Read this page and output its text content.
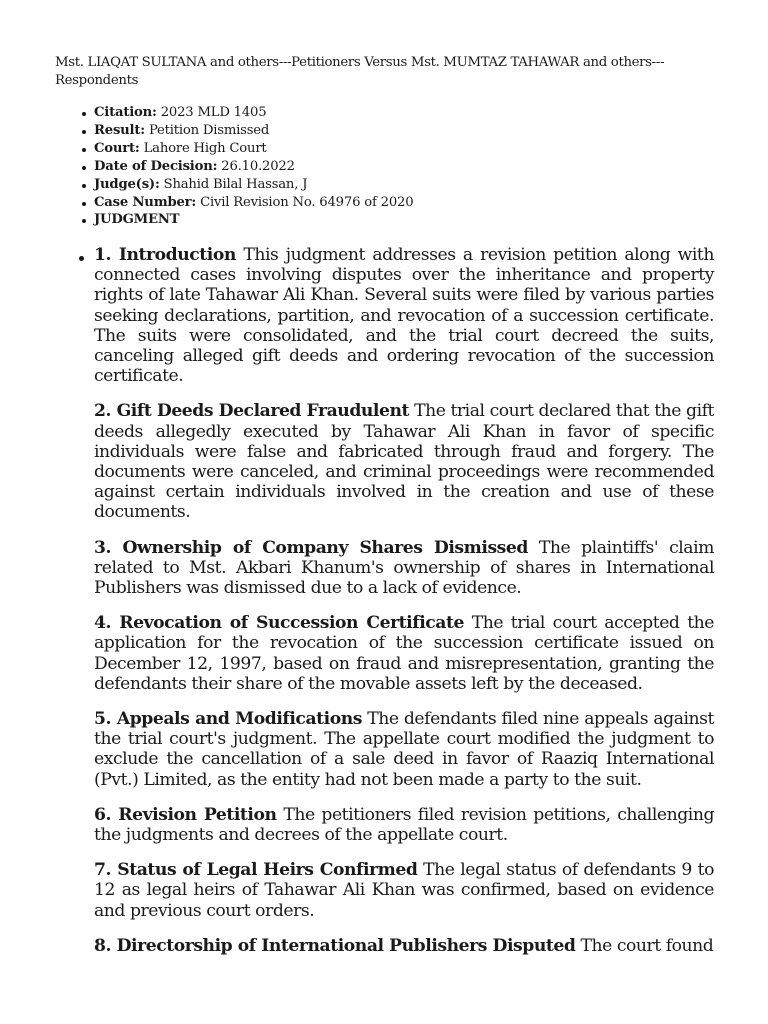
Mst. LIAQAT SULTANA and others---Petitioners Versus Mst. MUMTAZ TAHAWAR and others---Respondents

Citation: 2023 MLD 1405
Result: Petition Dismissed
Court: Lahore High Court
Date of Decision: 26.10.2022
Judge(s): Shahid Bilal Hassan, J
Case Number: Civil Revision No. 64976 of 2020
JUDGMENT

1. Introduction This judgment addresses a revision petition along with connected cases involving disputes over the inheritance and property rights of late Tahawar Ali Khan. Several suits were filed by various parties seeking declarations, partition, and revocation of a succession certificate. The suits were consolidated, and the trial court decreed the suits, canceling alleged gift deeds and ordering revocation of the succession certificate.

2. Gift Deeds Declared Fraudulent The trial court declared that the gift deeds allegedly executed by Tahawar Ali Khan in favor of specific individuals were false and fabricated through fraud and forgery. The documents were canceled, and criminal proceedings were recommended against certain individuals involved in the creation and use of these documents.

3. Ownership of Company Shares Dismissed The plaintiffs' claim related to Mst. Akbari Khanum's ownership of shares in International Publishers was dismissed due to a lack of evidence.

4. Revocation of Succession Certificate The trial court accepted the application for the revocation of the succession certificate issued on December 12, 1997, based on fraud and misrepresentation, granting the defendants their share of the movable assets left by the deceased.

5. Appeals and Modifications The defendants filed nine appeals against the trial court's judgment. The appellate court modified the judgment to exclude the cancellation of a sale deed in favor of Raaziq International (Pvt.) Limited, as the entity had not been made a party to the suit.

6. Revision Petition The petitioners filed revision petitions, challenging the judgments and decrees of the appellate court.

7. Status of Legal Heirs Confirmed The legal status of defendants 9 to 12 as legal heirs of Tahawar Ali Khan was confirmed, based on evidence and previous court orders.

8. Directorship of International Publishers Disputed The court found
